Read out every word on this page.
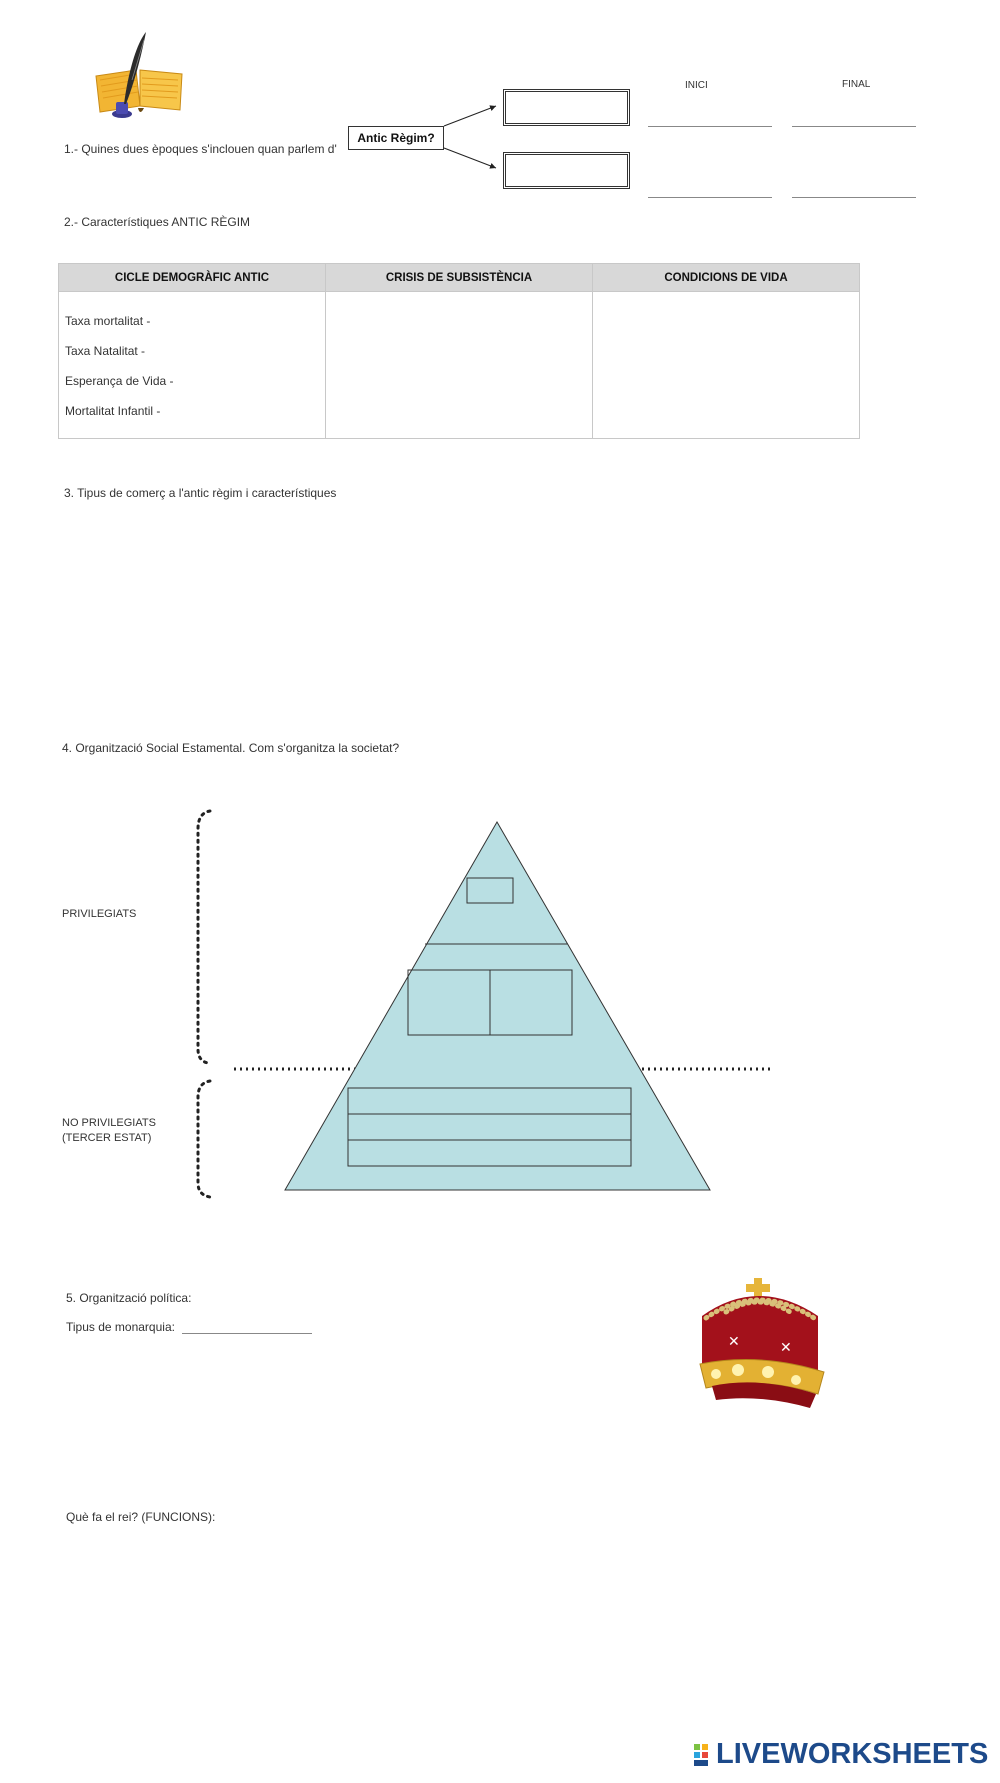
1.- Quines dues èpoques s'inclouen quan parlem d'
Antic Règim?
INICI	FINAL
2.- Característiques ANTIC RÈGIM
CICLE DEMOGRÀFIC ANTIC	CRISIS DE SUBSISTÈNCIA	CONDICIONS DE VIDA

Taxa mortalitat -
Taxa Natalitat -
Esperança de Vida -
Mortalitat Infantil -		

3. Tipus de comerç a l'antic règim i característiques
4. Organització Social Estamental. Com s'organitza la societat?
PRIVILEGIATS
NO PRIVILEGIATS
(TERCER ESTAT)
5. Organització política:
Tipus de monarquia:
✕	✕
Què fa el rei? (FUNCIONS):
LIVEWORKSHEETS
